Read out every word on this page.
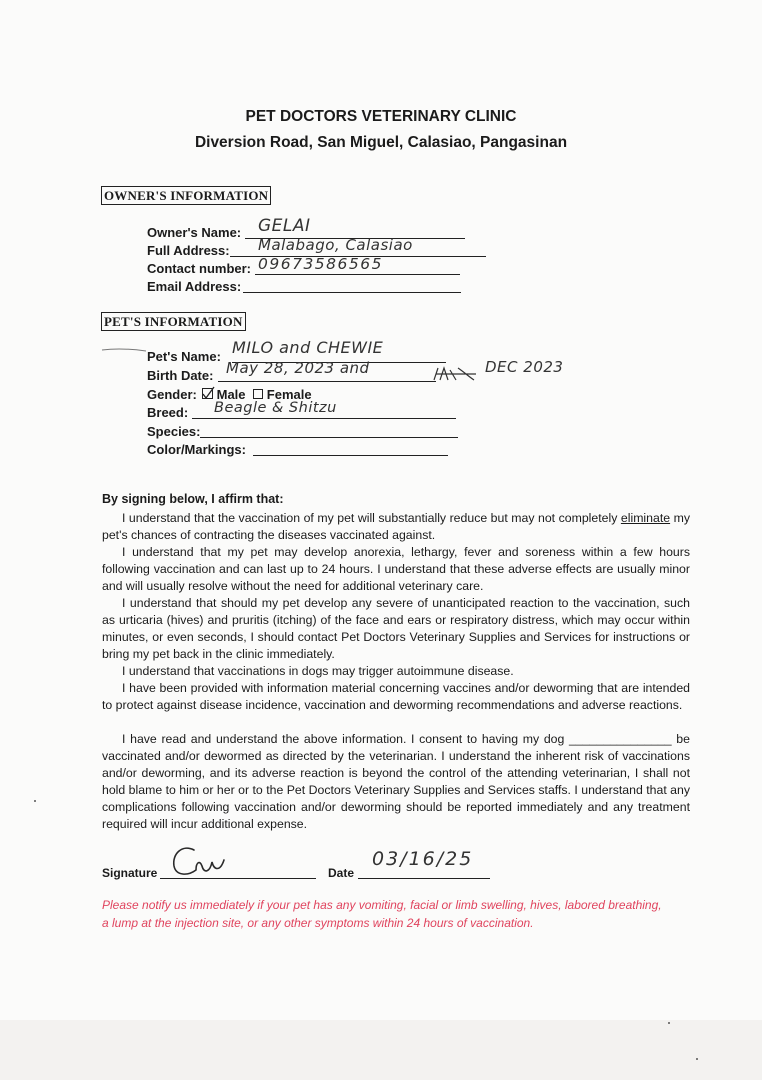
PET DOCTORS VETERINARY CLINIC
Diversion Road, San Miguel, Calasiao, Pangasinan
OWNER'S INFORMATION
Owner's Name: GELAI
Full Address: Malabago, Calasiao
Contact number: 09673586565
Email Address:
PET'S INFORMATION
Pet's Name: MILO and CHEWIE
Birth Date: May 28, 2023 and	DEC 2023
Gender:	Male Female
Breed: Beagle & Shitzu
Species:
Color/Markings:
By signing below, I affirm that:

I understand that the vaccination of my pet will substantially reduce but may not completely eliminate my pet's chances of contracting the diseases vaccinated against.

I understand that my pet may develop anorexia, lethargy, fever and soreness within a few hours following vaccination and can last up to 24 hours. I understand that these adverse effects are usually minor and will usually resolve without the need for additional veterinary care.

I understand that should my pet develop any severe of unanticipated reaction to the vaccination, such as urticaria (hives) and pruritis (itching) of the face and ears or respiratory distress, which may occur within minutes, or even seconds, I should contact Pet Doctors Veterinary Supplies and Services for instructions or bring my pet back in the clinic immediately.

I understand that vaccinations in dogs may trigger autoimmune disease.

I have been provided with information material concerning vaccines and/or deworming that are intended to protect against disease incidence, vaccination and deworming recommendations and adverse reactions.

I have read and understand the above information. I consent to having my dog _______________ be vaccinated and/or dewormed as directed by the veterinarian. I understand the inherent risk of vaccinations and/or deworming, and its adverse reaction is beyond the control of the attending veterinarian, I shall not hold blame to him or her or to the Pet Doctors Veterinary Supplies and Services staffs. I understand that any complications following vaccination and/or deworming should be reported immediately and any treatment required will incur additional expense.

Signature	Date
03/16/25
Please notify us immediately if your pet has any vomiting, facial or limb swelling, hives, labored breathing, a lump at the injection site, or any other symptoms within 24 hours of vaccination.
